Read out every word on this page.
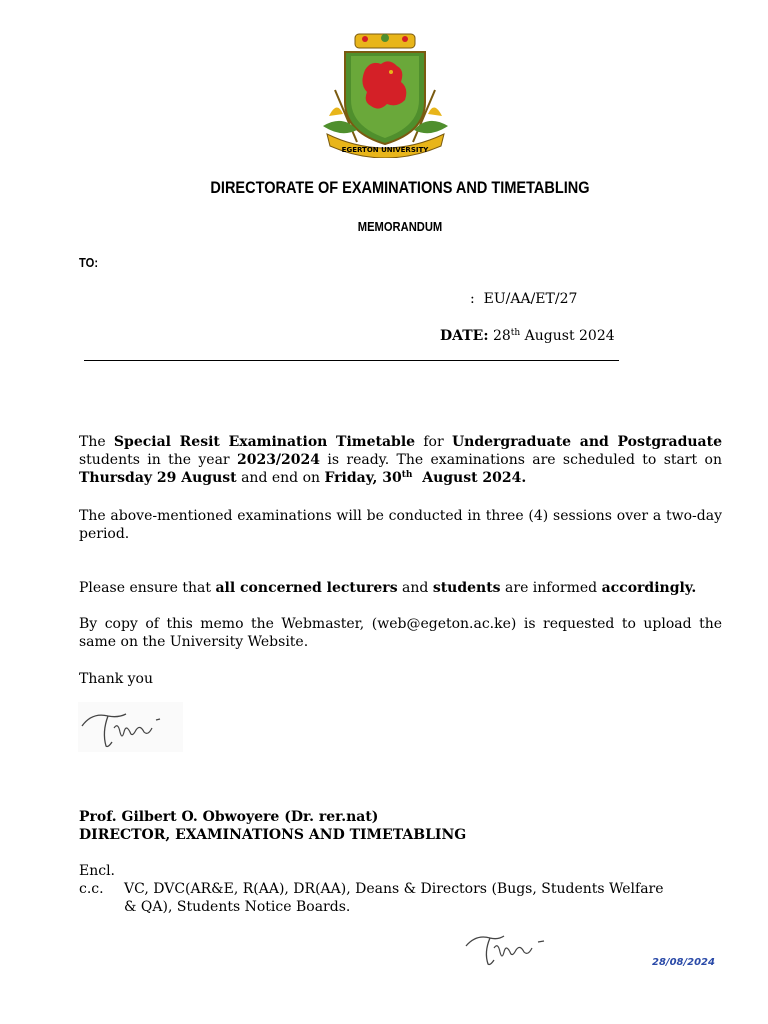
EGERTON UNIVERSITY
DIRECTORATE OF EXAMINATIONS AND TIMETABLING
MEMORANDUM
TO:
:  EU/AA/ET/27
DATE: 28th August 2024

The Special Resit Examination Timetable for Undergraduate and Postgraduate students in the year 2023/2024 is ready. The examinations are scheduled to start on Thursday 29 August and end on Friday, 30th  August 2024.

The above-mentioned examinations will be conducted in three (4) sessions over a two-day period.

Please ensure that all concerned lecturers and students are informed accordingly.

By copy of this memo the Webmaster, (web@egeton.ac.ke) is requested to upload the same on the University Website.

Thank you
Prof. Gilbert O. Obwoyere (Dr. rer.nat)
DIRECTOR, EXAMINATIONS AND TIMETABLING
Encl.
c.c.	VC, DVC(AR&E, R(AA), DR(AA), Deans & Directors (Bugs, Students Welfare
& QA), Students Notice Boards.
28/08/2024
